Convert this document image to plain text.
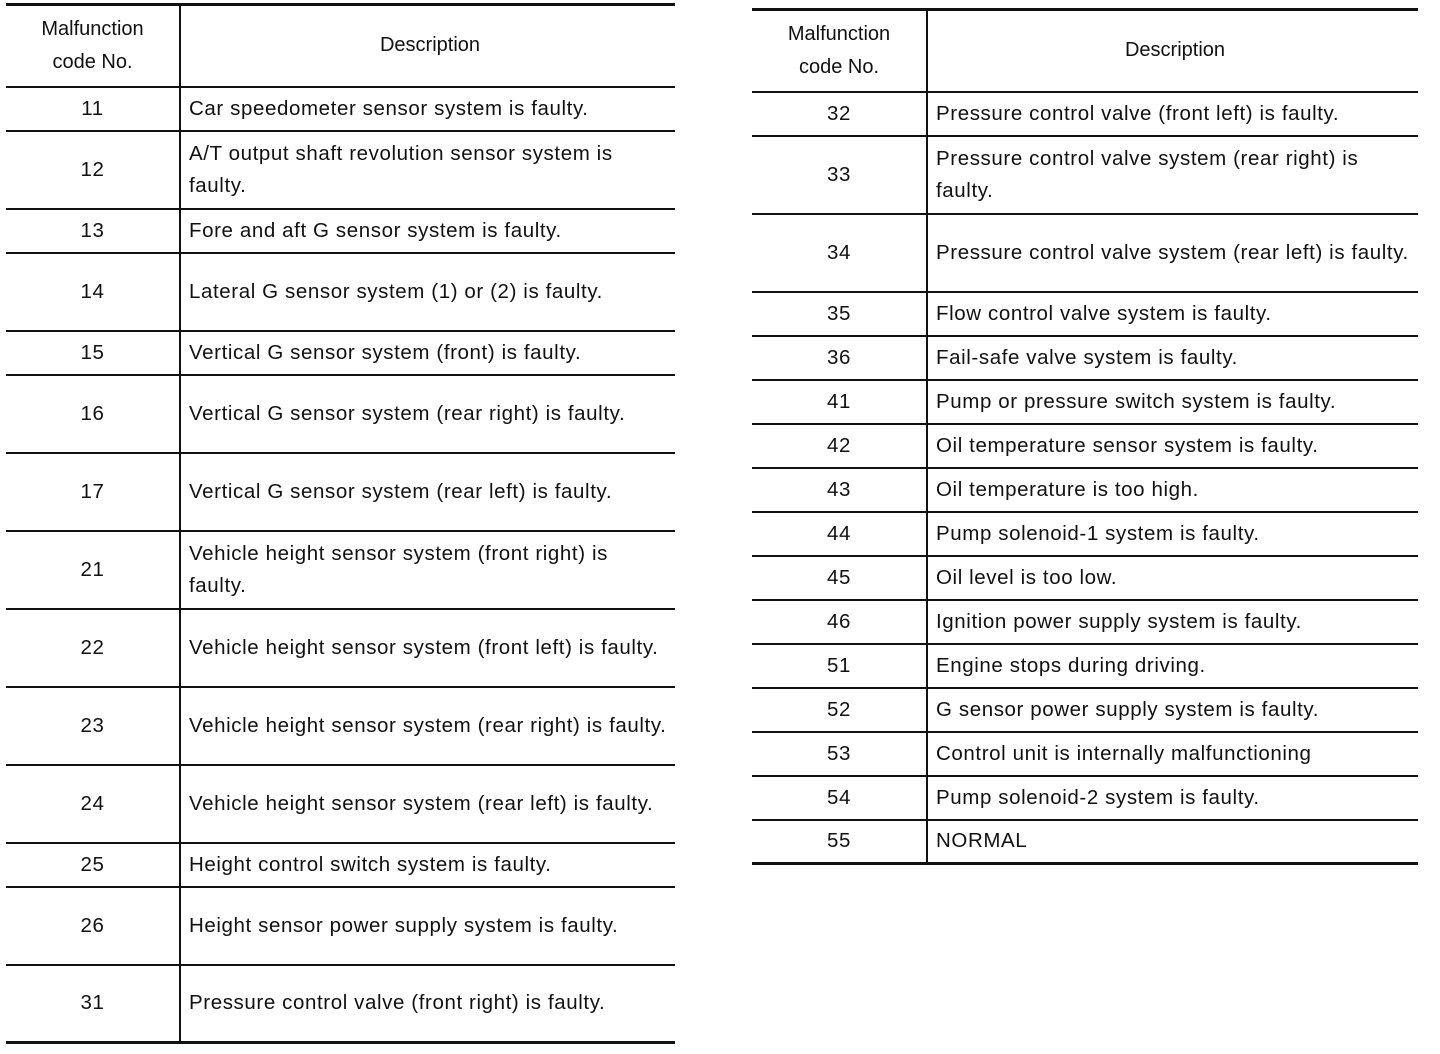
Malfunction
code No.	Description
11	Car speedometer sensor system is faulty.
12	A/T output shaft revolution sensor system is faulty.
13	Fore and aft G sensor system is faulty.
14	Lateral G sensor system (1) or (2) is faulty.
15	Vertical G sensor system (front) is faulty.
16	Vertical G sensor system (rear right) is faulty.
17	Vertical G sensor system (rear left) is faulty.
21	Vehicle height sensor system (front right) is faulty.
22	Vehicle height sensor system (front left) is faulty.
23	Vehicle height sensor system (rear right) is faulty.
24	Vehicle height sensor system (rear left) is faulty.
25	Height control switch system is faulty.
26	Height sensor power supply system is faulty.
31	Pressure control valve (front right) is faulty.
Malfunction
code No.	Description
32	Pressure control valve (front left) is faulty.
33	Pressure control valve system (rear right) is faulty.
34	Pressure control valve system (rear left) is faulty.
35	Flow control valve system is faulty.
36	Fail-safe valve system is faulty.
41	Pump or pressure switch system is faulty.
42	Oil temperature sensor system is faulty.
43	Oil temperature is too high.
44	Pump solenoid-1 system is faulty.
45	Oil level is too low.
46	Ignition power supply system is faulty.
51	Engine stops during driving.
52	G sensor power supply system is faulty.
53	Control unit is internally malfunctioning
54	Pump solenoid-2 system is faulty.
55	NORMAL
